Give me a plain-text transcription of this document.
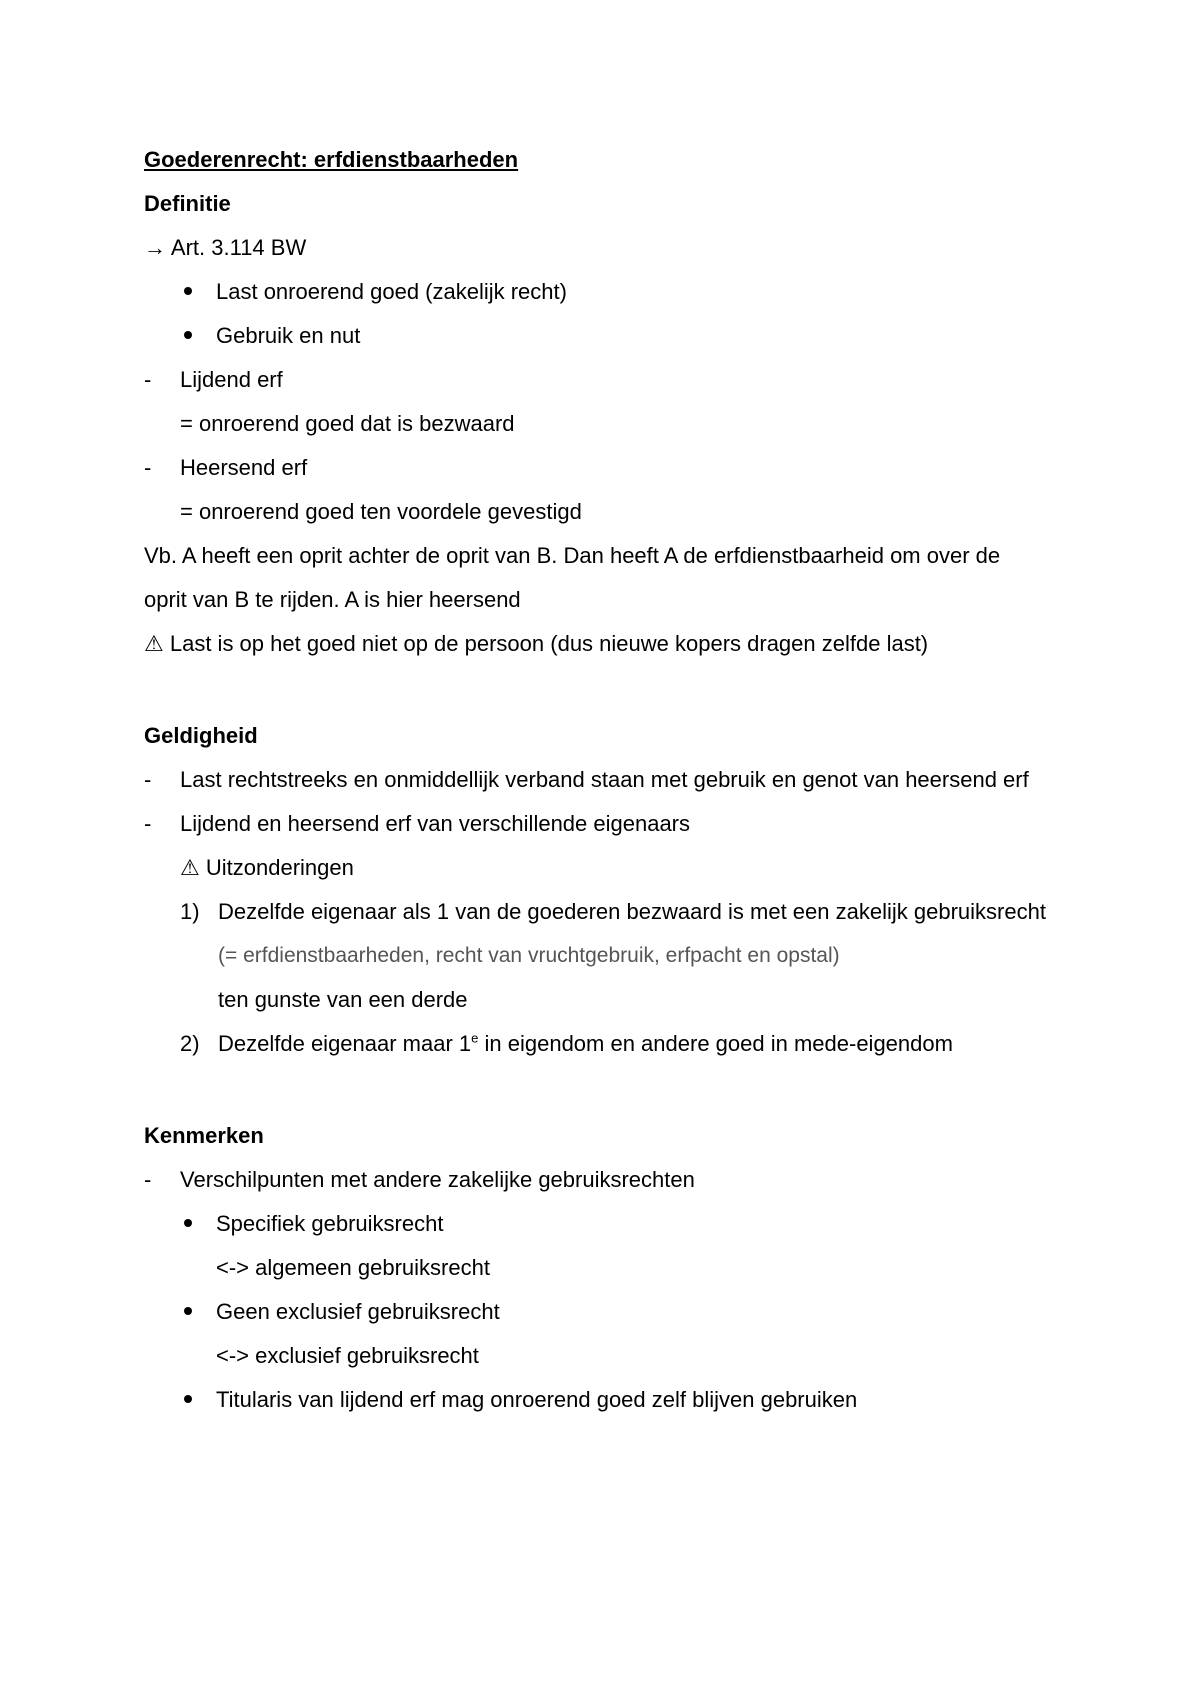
Goederenrecht: erfdienstbaarheden
Definitie
→ Art. 3.114 BW
Last onroerend goed (zakelijk recht)
Gebruik en nut
- Lijdend erf
= onroerend goed dat is bezwaard
- Heersend erf
= onroerend goed ten voordele gevestigd
Vb. A heeft een oprit achter de oprit van B. Dan heeft A de erfdienstbaarheid om over de
oprit van B te rijden. A is hier heersend
⚠ Last is op het goed niet op de persoon (dus nieuwe kopers dragen zelfde last)
Geldigheid
- Last rechtstreeks en onmiddellijk verband staan met gebruik en genot van heersend erf
- Lijdend en heersend erf van verschillende eigenaars
⚠ Uitzonderingen
1) Dezelfde eigenaar als 1 van de goederen bezwaard is met een zakelijk gebruiksrecht
(= erfdienstbaarheden, recht van vruchtgebruik, erfpacht en opstal)
ten gunste van een derde
2) Dezelfde eigenaar maar 1e in eigendom en andere goed in mede-eigendom
Kenmerken
- Verschilpunten met andere zakelijke gebruiksrechten
Specifiek gebruiksrecht
<-> algemeen gebruiksrecht
Geen exclusief gebruiksrecht
<-> exclusief gebruiksrecht
Titularis van lijdend erf mag onroerend goed zelf blijven gebruiken
